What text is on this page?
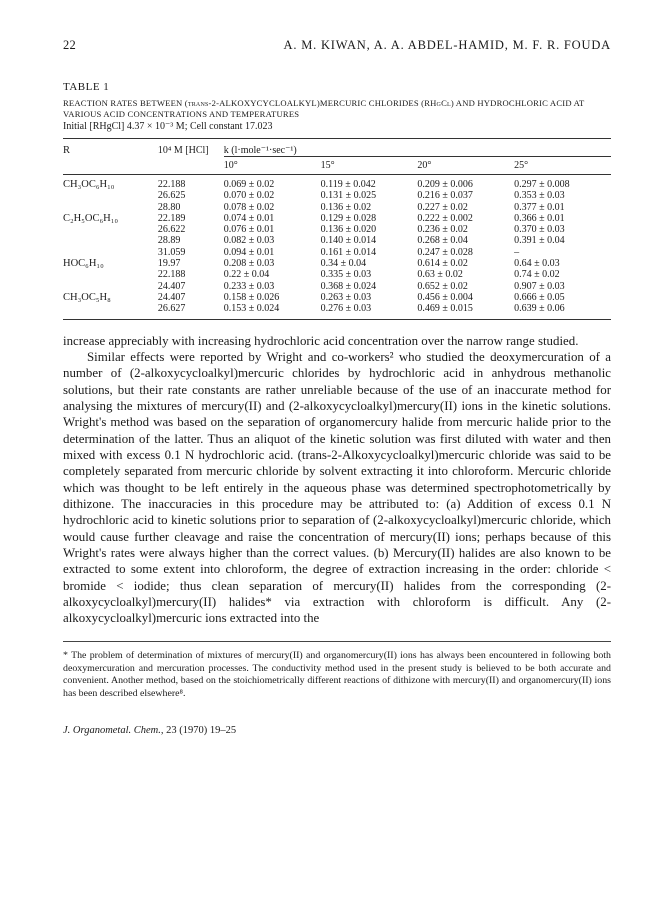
22	A. M. KIWAN, A. A. ABDEL-HAMID, M. F. R. FOUDA
TABLE 1
REACTION RATES BETWEEN (trans-2-ALKOXYCYCLOALKYL)MERCURIC CHLORIDES (RHgCl) AND HYDROCHLORIC ACID AT VARIOUS ACID CONCENTRATIONS AND TEMPERATURES
Initial [RHgCl] 4.37 × 10⁻³ M; Cell constant 17.023
R	10⁴ M [HCl]	k (l·mole⁻¹·sec⁻¹)			
		10°	15°	20°	25°
CH₃OC₆H₁₀	22.188	0.069 ± 0.02	0.119 ± 0.042	0.209 ± 0.006	0.297 ± 0.008
	26.625	0.070 ± 0.02	0.131 ± 0.025	0.216 ± 0.037	0.353 ± 0.03
	28.80	0.078 ± 0.02	0.136 ± 0.02	0.227 ± 0.02	0.377 ± 0.01
C₂H₅OC₆H₁₀	22.189	0.074 ± 0.01	0.129 ± 0.028	0.222 ± 0.002	0.366 ± 0.01
	26.622	0.076 ± 0.01	0.136 ± 0.020	0.236 ± 0.02	0.370 ± 0.03
	28.89	0.082 ± 0.03	0.140 ± 0.014	0.268 ± 0.04	0.391 ± 0.04
	31.059	0.094 ± 0.01	0.161 ± 0.014	0.247 ± 0.028	–
HOC₆H₁₀	19.97	0.208 ± 0.03	0.34 ± 0.04	0.614 ± 0.02	0.64 ± 0.03
	22.188	0.22 ± 0.04	0.335 ± 0.03	0.63 ± 0.02	0.74 ± 0.02
	24.407	0.233 ± 0.03	0.368 ± 0.024	0.652 ± 0.02	0.907 ± 0.03
CH₃OC₅H₈	24.407	0.158 ± 0.026	0.263 ± 0.03	0.456 ± 0.004	0.666 ± 0.05
	26.627	0.153 ± 0.024	0.276 ± 0.03	0.469 ± 0.015	0.639 ± 0.06

increase appreciably with increasing hydrochloric acid concentration over the narrow range studied.

Similar effects were reported by Wright and co-workers² who studied the deoxymercuration of a number of (2-alkoxycycloalkyl)mercuric chlorides by hydrochloric acid in anhydrous methanolic solutions, but their rate constants are rather unreliable because of the use of an inaccurate method for analysing the mixtures of mercury(II) and (2-alkoxycycloalkyl)mercury(II) ions in the kinetic solutions. Wright's method was based on the separation of organomercury halide from mercuric halide prior to the determination of the latter. Thus an aliquot of the kinetic solution was first diluted with water and then mixed with excess 0.1 N hydrochloric acid. (trans-2-Alkoxycycloalkyl)mercuric chloride was said to be completely separated from mercuric chloride by solvent extracting it into chloroform. Mercuric chloride which was thought to be left entirely in the aqueous phase was determined spectrophotometrically by dithizone. The inaccuracies in this procedure may be attributed to: (a) Addition of excess 0.1 N hydrochloric acid to kinetic solutions prior to separation of (2-alkoxycycloalkyl)mercuric chloride, which would cause further cleavage and raise the concentration of mercury(II) ions; perhaps because of this Wright's rates were always higher than the correct values. (b) Mercury(II) halides are also known to be extracted to some extent into chloroform, the degree of extraction increasing in the order: chloride < bromide < iodide; thus clean separation of mercury(II) halides from the corresponding (2-alkoxycycloalkyl)mercury(II) halides* via extraction with chloroform is difficult. Any (2-alkoxycycloalkyl)mercuric ions extracted into the

* The problem of determination of mixtures of mercury(II) and organomercury(II) ions has always been encountered in following both deoxymercuration and mercuration processes. The conductivity method used in the present study is believed to be both accurate and convenient. Another method, based on the stoichiometrically different reactions of dithizone with mercury(II) and organomercury(II) ions has been described elsewhere⁸.
J. Organometal. Chem., 23 (1970) 19–25
